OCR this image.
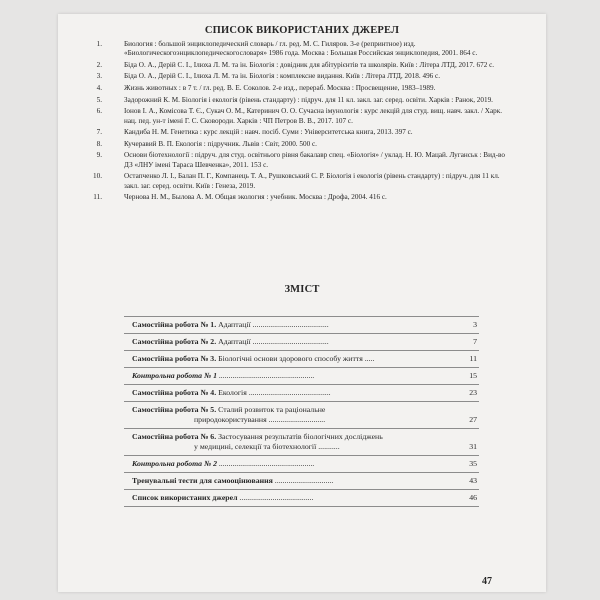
СПИСОК ВИКОРИСТАНИХ ДЖЕРЕЛ
1.	Биология : большой энциклопедический словарь / гл. ред. М. С. Гиляров. 3-е (репринтное) изд. «Биологическогоэнциклопедическогословаря» 1986 года. Москва : Большая Российская энциклопедия, 2001. 864 с.
2.	Біда О. А., Дерій С. І., Ілюха Л. М. та ін. Біологія : довідник для абітурієнтів та школярів. Київ : Літера ЛТД, 2017. 672 с.
3.	Біда О. А., Дерій С. І., Ілюха Л. М. та ін. Біологія : комплексне видання. Київ : Літера ЛТД, 2018. 496 с.
4.	Жизнь животных : в 7 т. / гл. ред. В. Е. Соколов. 2-е изд., перераб. Москва : Просвещение, 1983–1989.
5.	Задорожний К. М. Біологія і екологія (рівень стандарту) : підруч. для 11 кл. закл. заг. серед. освіти. Харків : Ранок, 2019.
6.	Іонов І. А., Комісова Т. Є., Сукач О. М., Катеринич О. О. Сучасна імунологія : курс лекцій для студ. вищ. навч. закл. / Харк. нац. пед. ун-т імені Г. С. Сковороди. Харків : ЧП Петров В. В., 2017. 107 с.
7.	Кандиба Н. М. Генетика : курс лекцій : навч. посіб. Суми : Університетська книга, 2013. 397 с.
8.	Кучеравий В. П. Екологія : підручник. Львів : Світ, 2000. 500 с.
9.	Основи біотехнології : підруч. для студ. освітнього рівня бакалавр спец. «Біологія» / уклад. Н. Ю. Мацай. Луганськ : Вид-во ДЗ «ЛНУ імені Тараса Шевченка», 2011. 153 с.
10.	Остапченко Л. І., Балан П. Г., Компанець Т. А., Рушковський С. Р. Біологія і екологія (рівень стандарту) : підруч. для 11 кл. закл. заг. серед. освіти. Київ : Генеза, 2019.
11.	Чернова Н. М., Былова А. М. Общая экология : учебник. Москва : Дрофа, 2004. 416 с.
ЗМІСТ
Самостійна робота № 1. Адаптації .......................................	3
Самостійна робота № 2. Адаптації .......................................	7
Самостійна робота № 3. Біологічні основи здорового способу життя .....	11
Контрольна робота № 1 .................................................	15
Самостійна робота № 4. Екологія ..........................................	23
Самостійна робота № 5. Сталий розвиток та раціональне
природокористування .............................	27
Самостійна робота № 6. Застосування результатів біологічних досліджень
у медицині, селекції та біотехнології ...........	31
Контрольна робота № 2 .................................................	35
Тренувальні тести для самооцінювання ..............................	43
Список використаних джерел ......................................	46
47
